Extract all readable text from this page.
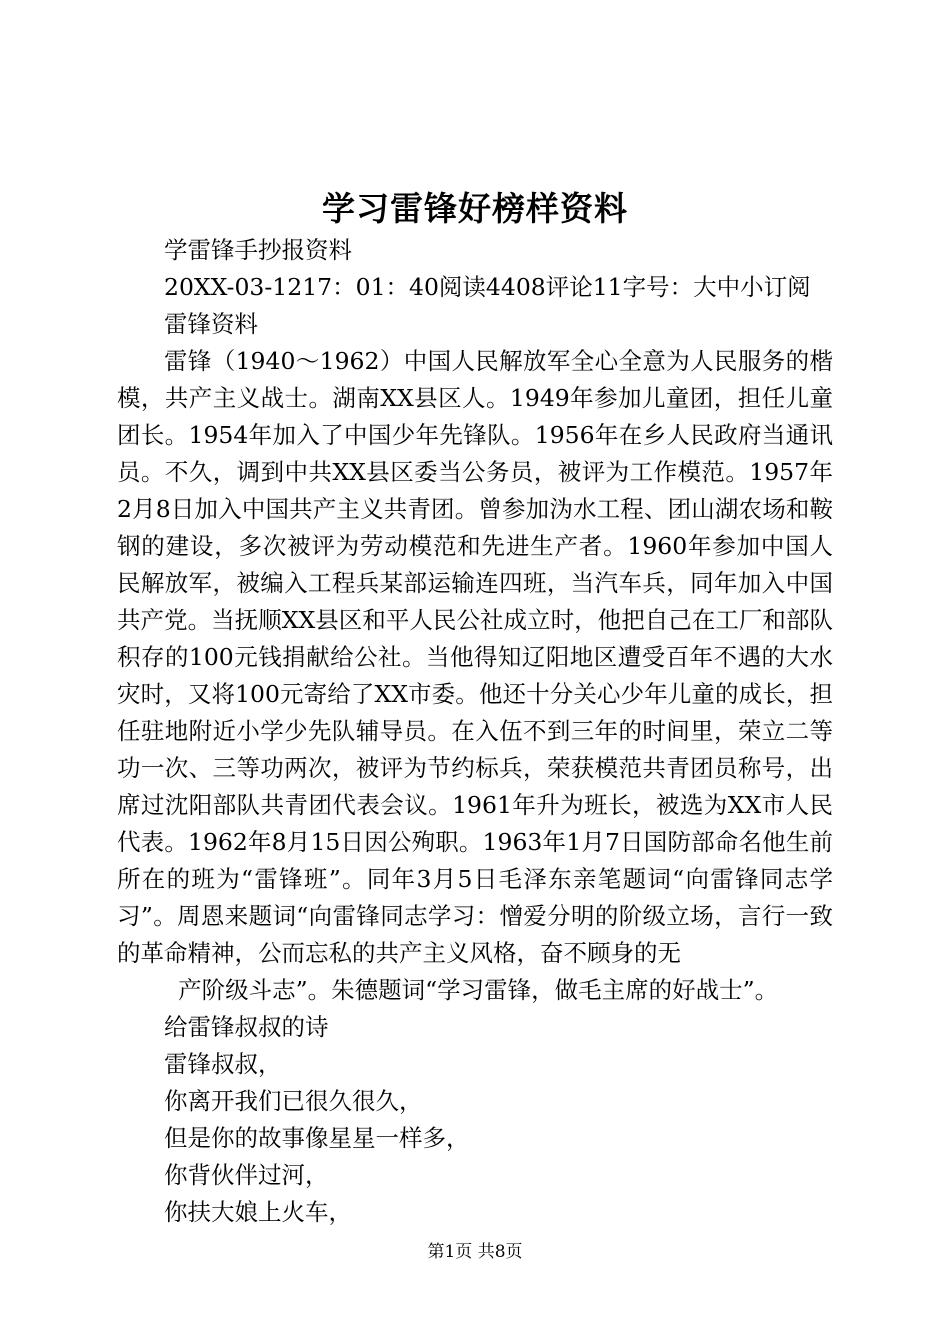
学习雷锋好榜样资料

学雷锋手抄报资料

20XX-03-1217：01：40阅读4408评论11字号：大中小订阅

雷锋资料

雷锋（1940～1962）中国人民解放军全心全意为人民服务的楷模，共产主义战士。湖南XX县区人。1949年参加儿童团，担任儿童团长。1954年加入了中国少年先锋队。1956年在乡人民政府当通讯员。不久，调到中共XX县区委当公务员，被评为工作模范。1957年2月8日加入中国共产主义共青团。曾参加沩水工程、团山湖农场和鞍钢的建设，多次被评为劳动模范和先进生产者。1960年参加中国人民解放军，被编入工程兵某部运输连四班，当汽车兵，同年加入中国共产党。当抚顺XX县区和平人民公社成立时，他把自己在工厂和部队积存的100元钱捐献给公社。当他得知辽阳地区遭受百年不遇的大水灾时，又将100元寄给了XX市委。他还十分关心少年儿童的成长，担任驻地附近小学少先队辅导员。在入伍不到三年的时间里，荣立二等功一次、三等功两次，被评为节约标兵，荣获模范共青团员称号，出席过沈阳部队共青团代表会议。1961年升为班长，被选为XX市人民代表。1962年8月15日因公殉职。1963年1月7日国防部命名他生前所在的班为“雷锋班”。同年3月5日毛泽东亲笔题词“向雷锋同志学习”。周恩来题词“向雷锋同志学习：憎爱分明的阶级立场，言行一致的革命精神，公而忘私的共产主义风格，奋不顾身的无

产阶级斗志”。朱德题词“学习雷锋，做毛主席的好战士”。

给雷锋叔叔的诗

雷锋叔叔，

你离开我们已很久很久，

但是你的故事像星星一样多，

你背伙伴过河，

你扶大娘上火车，

第1页 共8页
